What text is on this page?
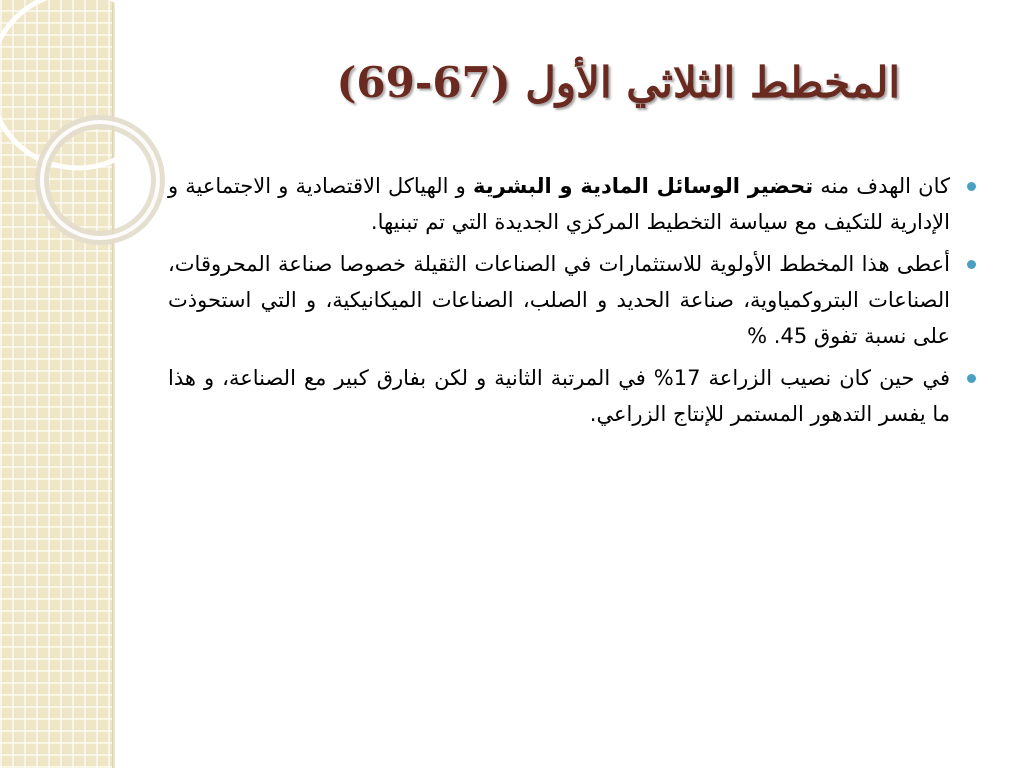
المخطط الثلاثي الأول (67-69)
كان الهدف منه تحضير الوسائل المادية و البشرية و الهياكل الاقتصادية و الاجتماعية و الإدارية للتكيف مع سياسة التخطيط المركزي الجديدة التي تم تبنيها.
أعطى هذا المخطط الأولوية للاستثمارات في الصناعات الثقيلة خصوصا صناعة المحروقات، الصناعات البتروكمياوية، صناعة الحديد و الصلب، الصناعات الميكانيكية، و التي استحوذت على نسبة تفوق 45. %
في حين كان نصيب الزراعة 17% في المرتبة الثانية و لكن بفارق كبير مع الصناعة، و هذا ما يفسر التدهور المستمر للإنتاج الزراعي.
